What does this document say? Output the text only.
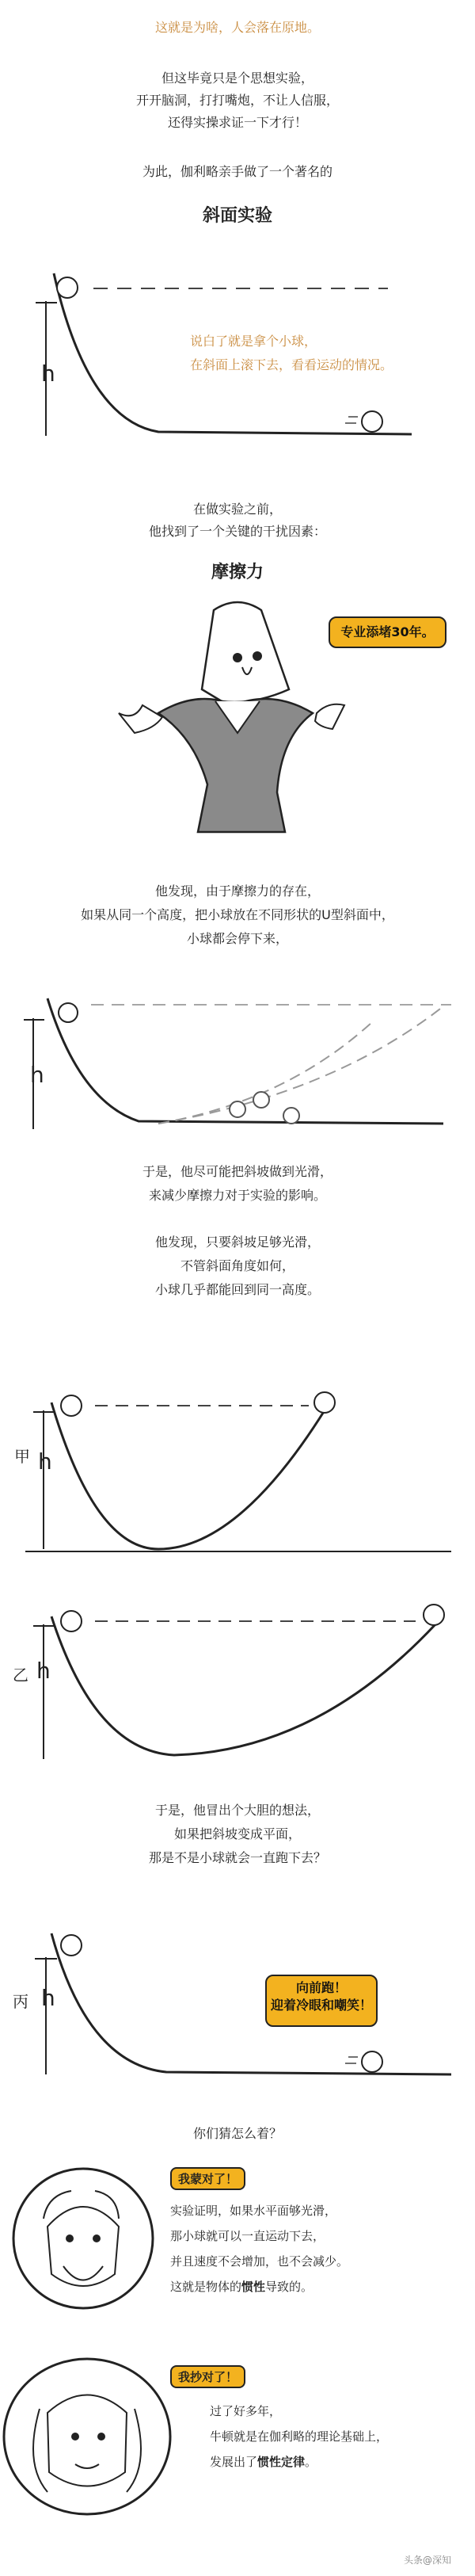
这就是为啥，人会落在原地。
但这毕竟只是个思想实验，
开开脑洞，打打嘴炮，不让人信服，
还得实操求证一下才行！
为此，伽利略亲手做了一个著名的
斜面实验
h
说白了就是拿个小球，
在斜面上滚下去，看看运动的情况。
在做实验之前，
他找到了一个关键的干扰因素：
摩擦力
专业添堵30年。
他发现，由于摩擦力的存在，
如果从同一个高度，把小球放在不同形状的U型斜面中，
小球都会停下来，
h
于是，他尽可能把斜坡做到光滑，
来减少摩擦力对于实验的影响。
他发现，只要斜坡足够光滑，
不管斜面角度如何，
小球几乎都能回到同一高度。
甲 h
乙 h
于是，他冒出个大胆的想法，
如果把斜坡变成平面，
那是不是小球就会一直跑下去？
丙 h	向前跑！
迎着冷眼和嘲笑！
你们猜怎么着？
我蒙对了！
实验证明，如果水平面够光滑，
那小球就可以一直运动下去，
并且速度不会增加，也不会减少。
这就是物体的惯性导致的。
我抄对了！
过了好多年，
牛顿就是在伽利略的理论基础上，
发展出了惯性定律。
头条@深知
